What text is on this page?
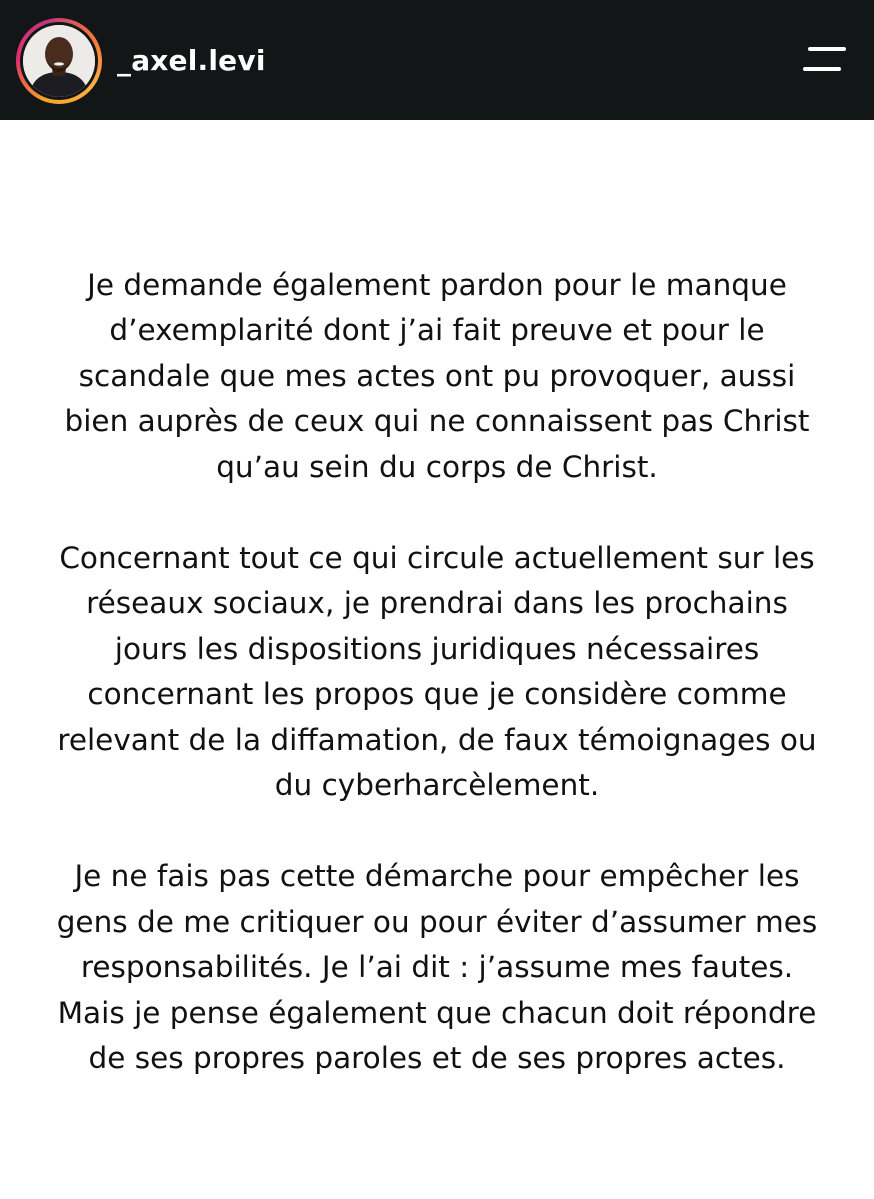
_axel.levi

Je demande également pardon pour le manque
d’exemplarité dont j’ai fait preuve et pour le
scandale que mes actes ont pu provoquer, aussi
bien auprès de ceux qui ne connaissent pas Christ
qu’au sein du corps de Christ.

Concernant tout ce qui circule actuellement sur les
réseaux sociaux, je prendrai dans les prochains
jours les dispositions juridiques nécessaires
concernant les propos que je considère comme
relevant de la diffamation, de faux témoignages ou
du cyberharcèlement.

Je ne fais pas cette démarche pour empêcher les
gens de me critiquer ou pour éviter d’assumer mes
responsabilités. Je l’ai dit : j’assume mes fautes.
Mais je pense également que chacun doit répondre
de ses propres paroles et de ses propres actes.
